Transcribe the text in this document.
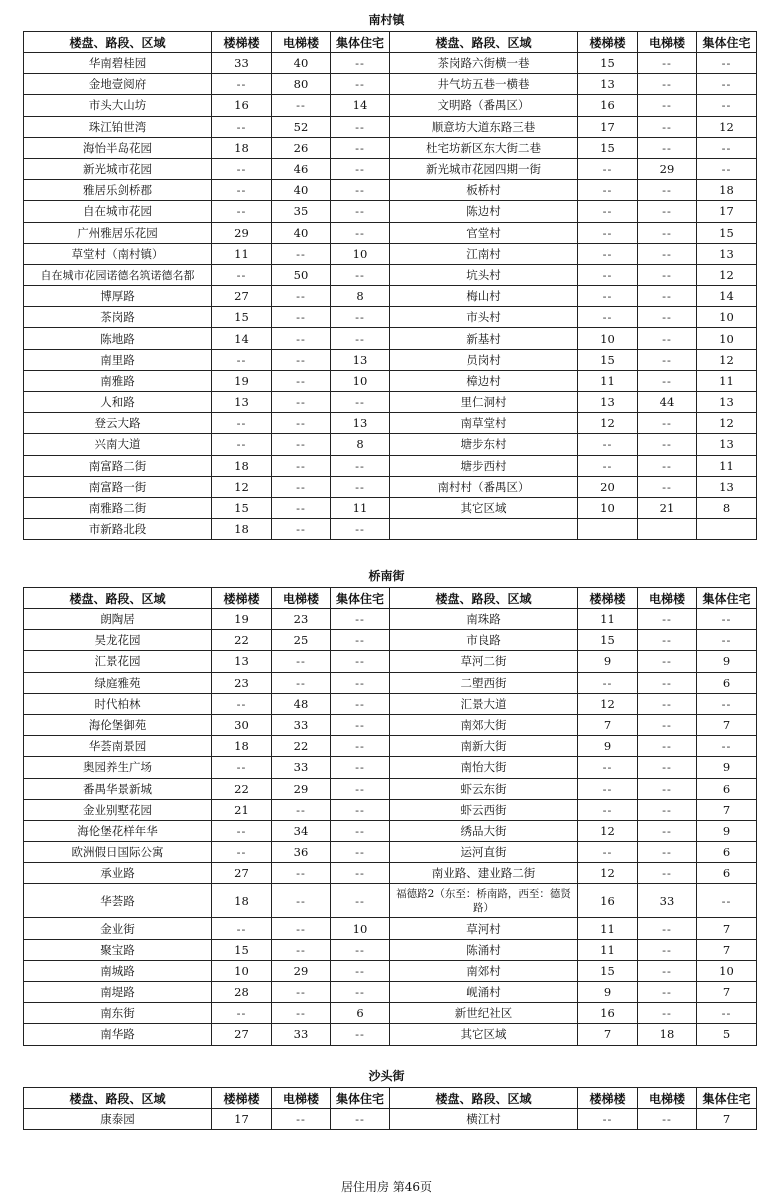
南村镇
楼盘、路段、区域	楼梯楼	电梯楼	集体住宅	楼盘、路段、区域	楼梯楼	电梯楼	集体住宅
华南碧桂园	33	40	--	茶岗路六街横一巷	15	--	--
金地壹阅府	--	80	--	井气坊五巷一横巷	13	--	--
市头大山坊	16	--	14	文明路（番禺区）	16	--	--
珠江铂世湾	--	52	--	顺意坊大道东路三巷	17	--	12
海怡半岛花园	18	26	--	杜宅坊新区东大街二巷	15	--	--
新光城市花园	--	46	--	新光城市花园四期一街	--	29	--
雅居乐剑桥郡	--	40	--	板桥村	--	--	18
自在城市花园	--	35	--	陈边村	--	--	17
广州雅居乐花园	29	40	--	官堂村	--	--	15
草堂村（南村镇）	11	--	10	江南村	--	--	13
自在城市花园诺德名筑诺德名都	--	50	--	坑头村	--	--	12
博厚路	27	--	8	梅山村	--	--	14
茶岗路	15	--	--	市头村	--	--	10
陈地路	14	--	--	新基村	10	--	10
南里路	--	--	13	员岗村	15	--	12
南雅路	19	--	10	樟边村	11	--	11
人和路	13	--	--	里仁洞村	13	44	13
登云大路	--	--	13	南草堂村	12	--	12
兴南大道	--	--	8	塘步东村	--	--	13
南富路二街	18	--	--	塘步西村	--	--	11
南富路一街	12	--	--	南村村（番禺区）	20	--	13
南雅路二街	15	--	11	其它区域	10	21	8
市新路北段	18	--	--				
桥南街
楼盘、路段、区域	楼梯楼	电梯楼	集体住宅	楼盘、路段、区域	楼梯楼	电梯楼	集体住宅
朗陶居	19	23	--	南珠路	11	--	--
昊龙花园	22	25	--	市良路	15	--	--
汇景花园	13	--	--	草河二街	9	--	9
绿庭雅苑	23	--	--	二塱西街	--	--	6
时代柏林	--	48	--	汇景大道	12	--	--
海伦堡御苑	30	33	--	南郊大街	7	--	7
华荟南景园	18	22	--	南新大街	9	--	--
奥园养生广场	--	33	--	南怡大街	--	--	9
番禺华景新城	22	29	--	虾云东街	--	--	6
金业别墅花园	21	--	--	虾云西街	--	--	7
海伦堡花样年华	--	34	--	绣品大街	12	--	9
欧洲假日国际公寓	--	36	--	运河直街	--	--	6
承业路	27	--	--	南业路、建业路二街	12	--	6
华荟路	18	--	--	福德路2（东至：桥南路，西至：德贤路）	16	33	--
金业街	--	--	10	草河村	11	--	7
聚宝路	15	--	--	陈涌村	11	--	7
南城路	10	29	--	南郊村	15	--	10
南堤路	28	--	--	岘涌村	9	--	7
南东街	--	--	6	新世纪社区	16	--	--
南华路	27	33	--	其它区域	7	18	5
沙头街
楼盘、路段、区域	楼梯楼	电梯楼	集体住宅	楼盘、路段、区域	楼梯楼	电梯楼	集体住宅
康泰园	17	--	--	横江村	--	--	7
居住用房 第46页
